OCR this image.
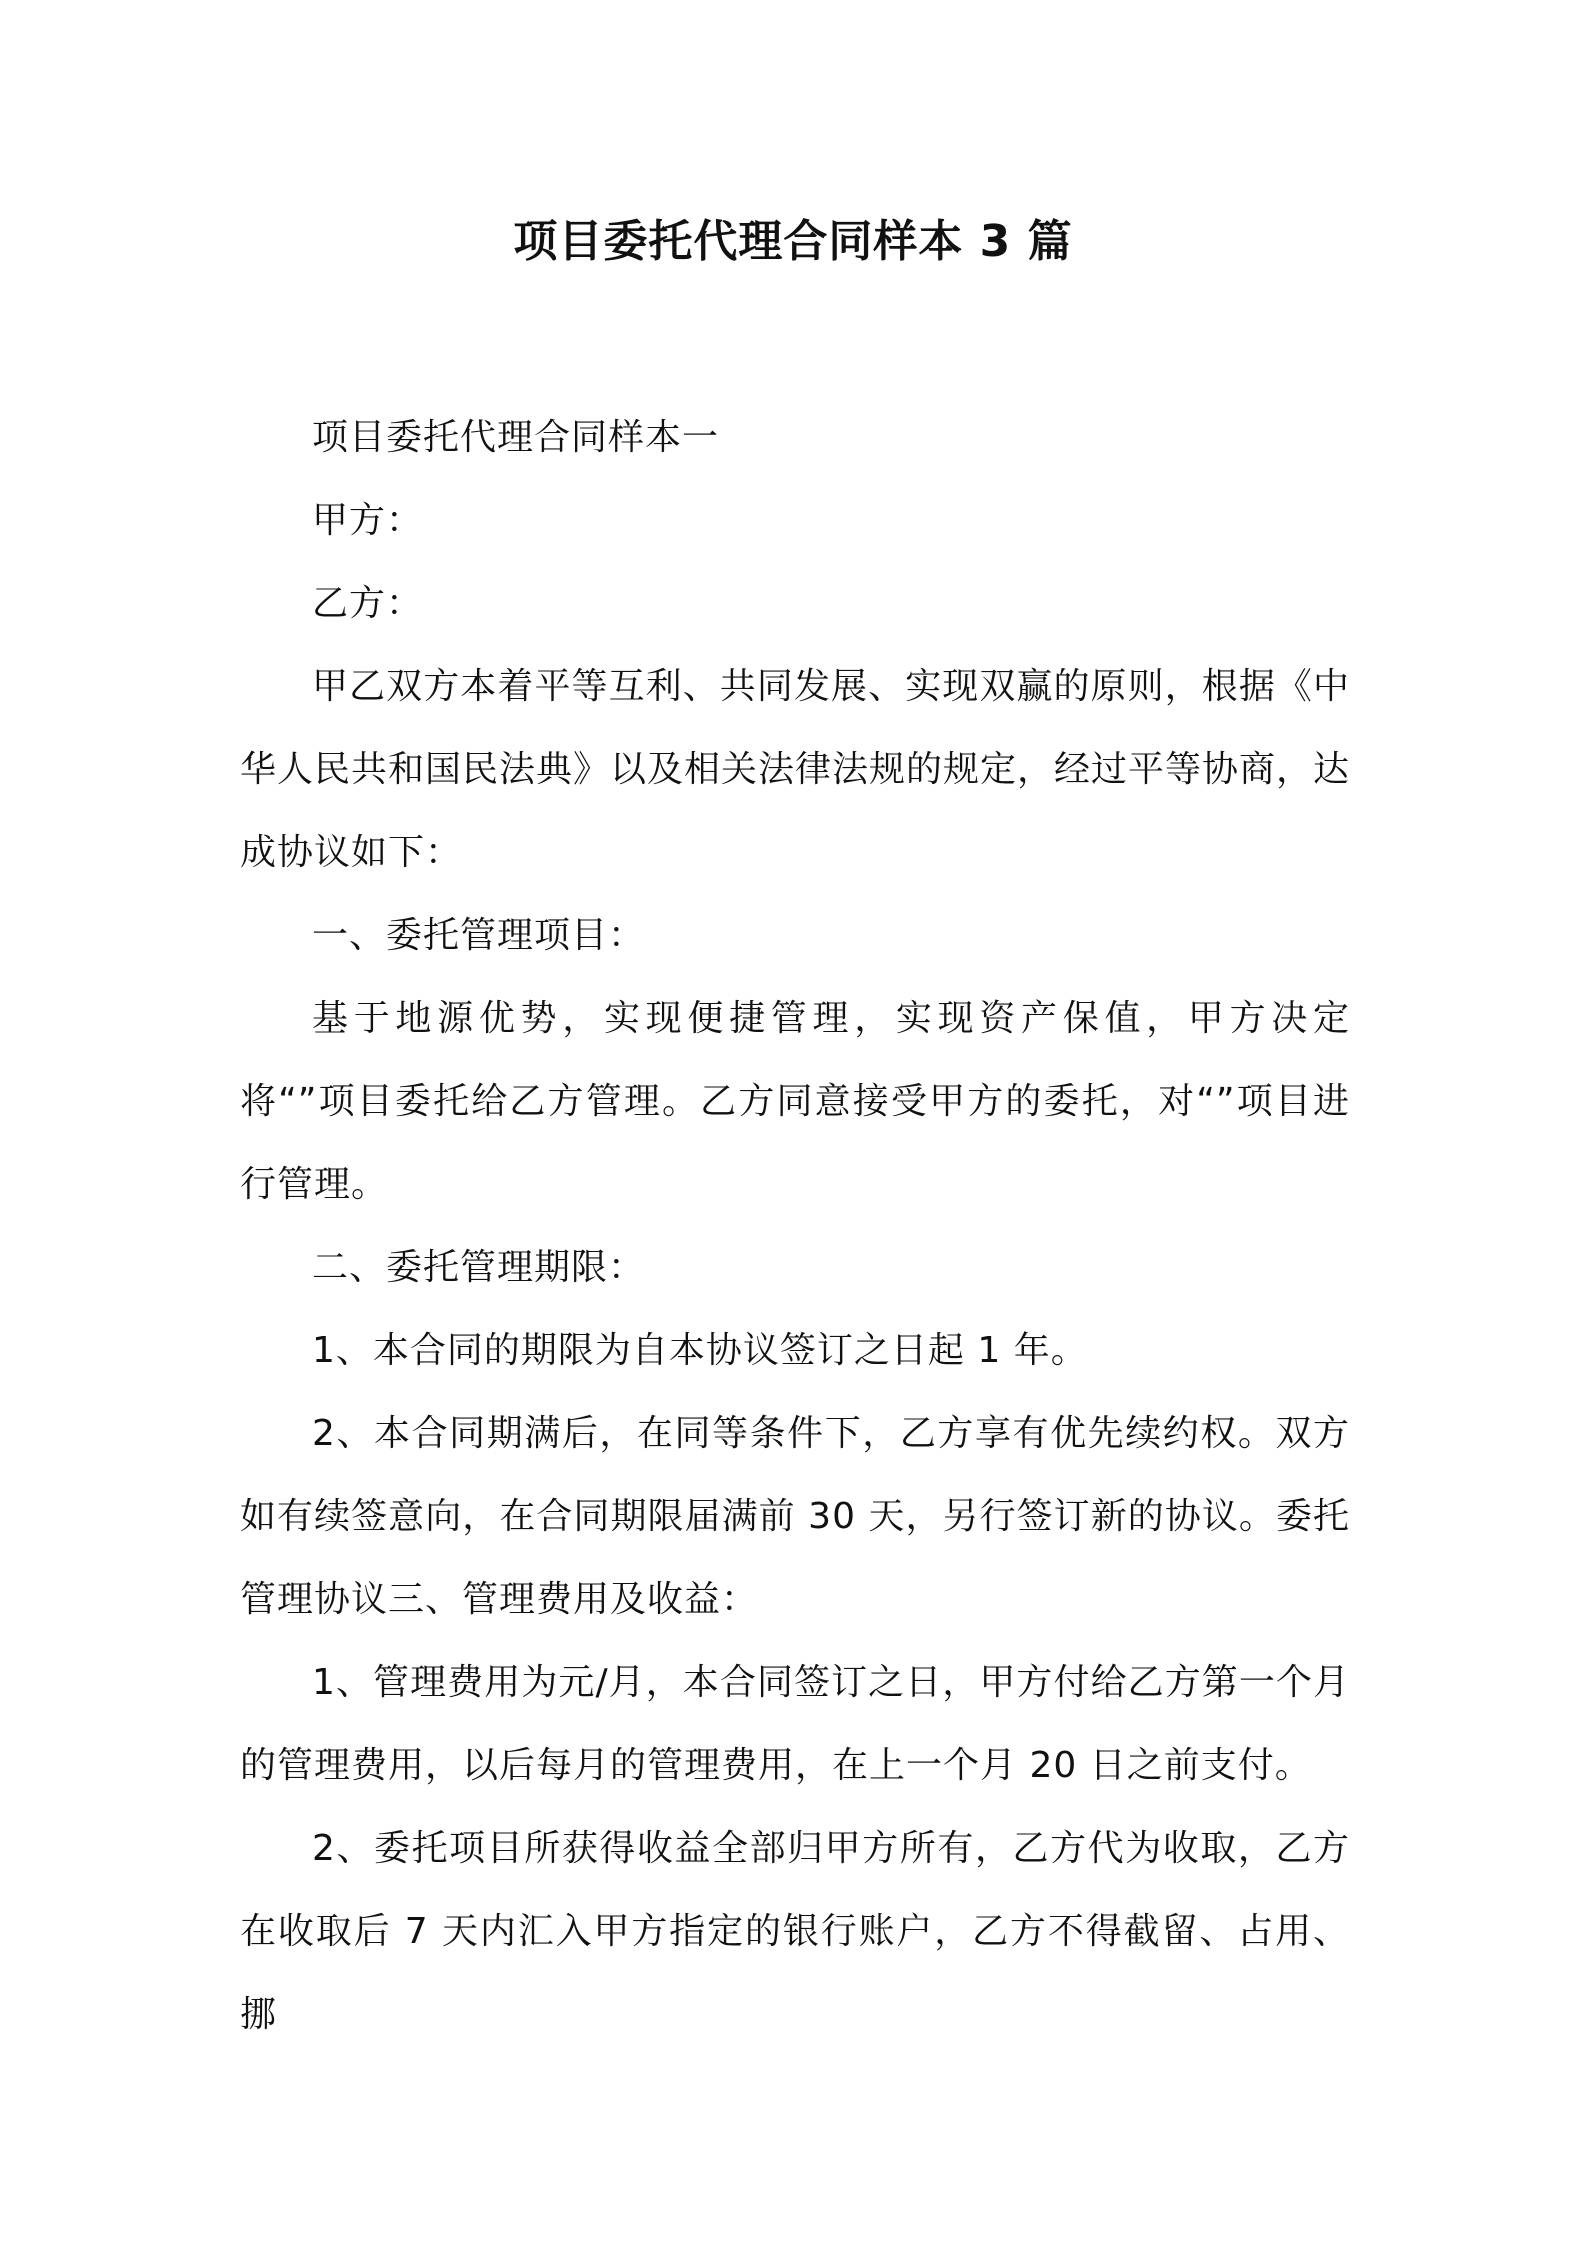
项目委托代理合同样本 3 篇

项目委托代理合同样本一

甲方：

乙方：

甲乙双方本着平等互利、共同发展、实现双赢的原则，根据《中华人民共和国民法典》以及相关法律法规的规定，经过平等协商，达成协议如下：

一、委托管理项目：

基于地源优势，实现便捷管理，实现资产保值，甲方决定将“”项目委托给乙方管理。乙方同意接受甲方的委托，对“”项目进行管理。

二、委托管理期限：

1、本合同的期限为自本协议签订之日起 1 年。

2、本合同期满后，在同等条件下，乙方享有优先续约权。双方如有续签意向，在合同期限届满前 30 天，另行签订新的协议。委托管理协议三、管理费用及收益：

1、管理费用为元/月，本合同签订之日，甲方付给乙方第一个月的管理费用，以后每月的管理费用，在上一个月 20 日之前支付。

2、委托项目所获得收益全部归甲方所有，乙方代为收取，乙方在收取后 7 天内汇入甲方指定的银行账户，乙方不得截留、占用、挪
